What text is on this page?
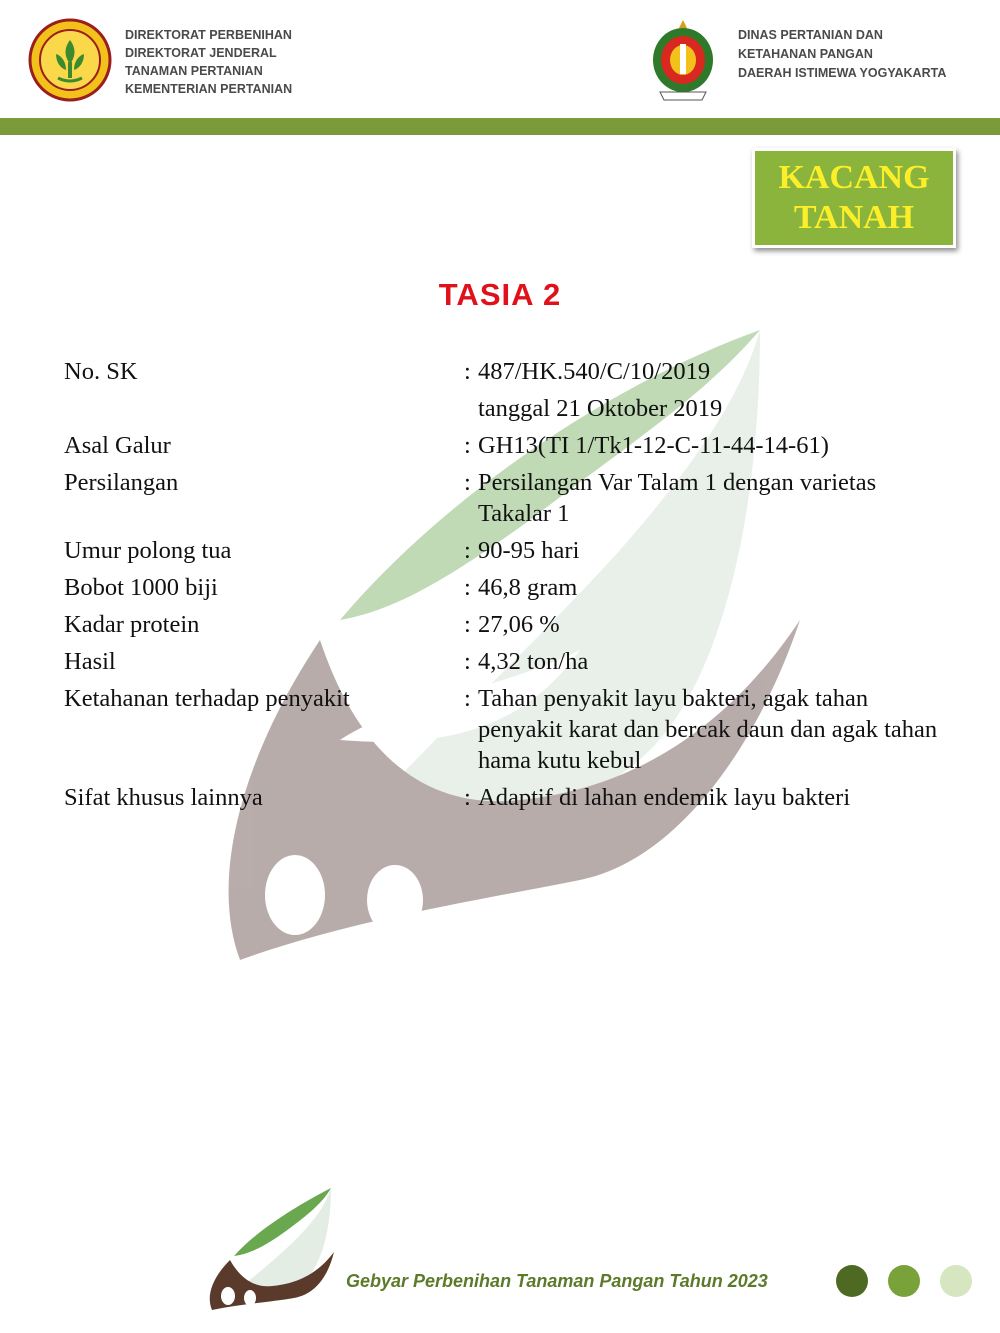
DIREKTORAT PERBENIHAN
DIREKTORAT JENDERAL
TANAMAN PERTANIAN
KEMENTERIAN PERTANIAN
DINAS PERTANIAN DAN
KETAHANAN PANGAN
DAERAH ISTIMEWA YOGYAKARTA
KACANG
TANAH
TASIA 2
No. SK	: 487/HK.540/C/10/2019
tanggal 21 Oktober 2019
Asal Galur	: GH13(TI 1/Tk1-12-C-11-44-14-61)
Persilangan	: Persilangan Var Talam 1 dengan varietas Takalar 1
Umur polong tua	: 90-95 hari
Bobot 1000 biji	: 46,8 gram
Kadar protein	: 27,06 %
Hasil	: 4,32 ton/ha
Ketahanan terhadap penyakit	: Tahan penyakit layu bakteri, agak tahan penyakit karat dan bercak daun dan agak tahan hama kutu kebul
Sifat khusus lainnya	: Adaptif di lahan endemik layu bakteri
Gebyar Perbenihan Tanaman Pangan Tahun 2023
